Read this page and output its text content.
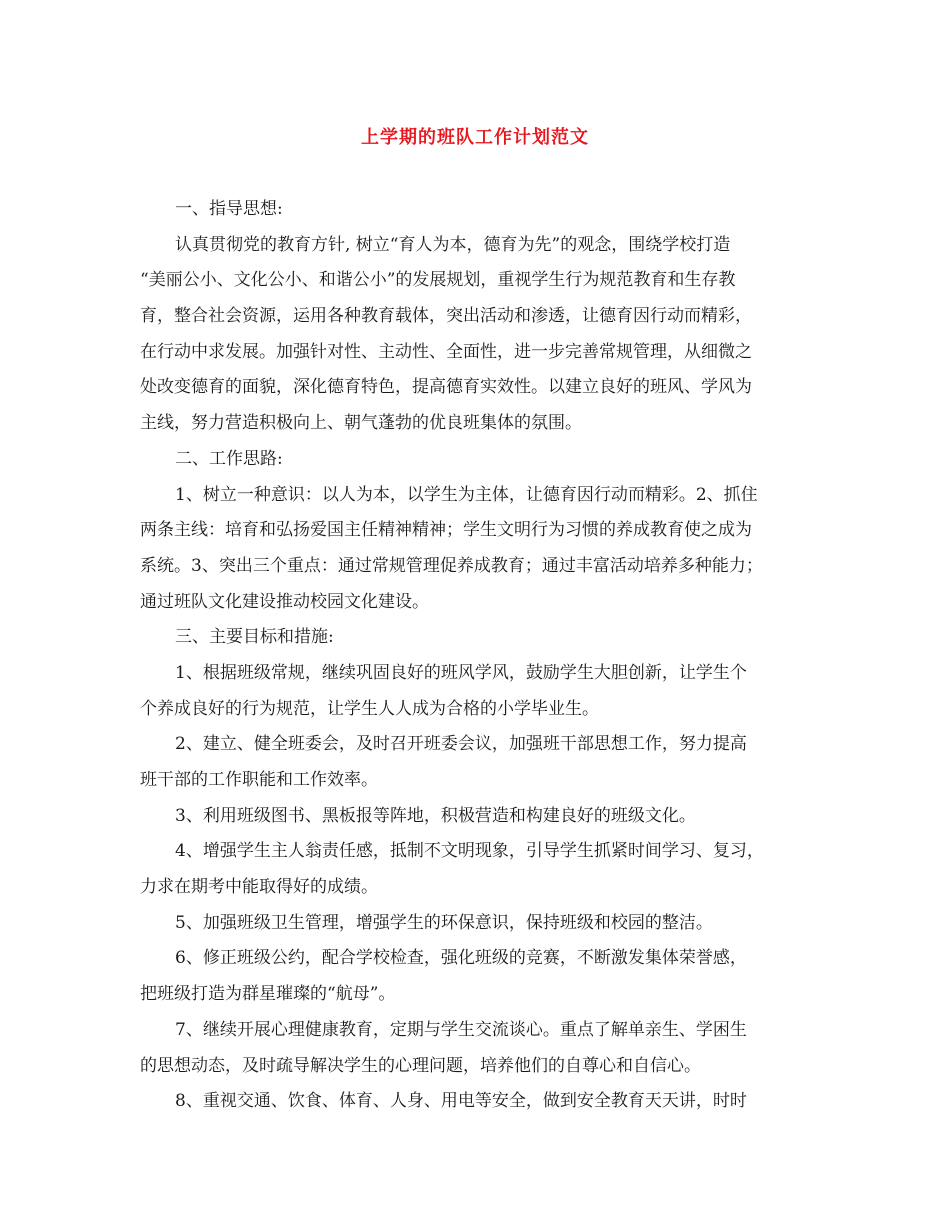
上学期的班队工作计划范文
一、指导思想:
认真贯彻党的教育方针, 树立“育人为本，德育为先”的观念，围绕学校打造
“美丽公小、文化公小、和谐公小”的发展规划，重视学生行为规范教育和生存教
育，整合社会资源，运用各种教育载体，突出活动和渗透，让德育因行动而精彩，
在行动中求发展。加强针对性、主动性、全面性，进一步完善常规管理，从细微之
处改变德育的面貌，深化德育特色，提高德育实效性。以建立良好的班风、学风为
主线，努力营造积极向上、朝气蓬勃的优良班集体的氛围。
二、工作思路:
1、树立一种意识：以人为本，以学生为主体，让德育因行动而精彩。2、抓住
两条主线：培育和弘扬爱国主任精神精神；学生文明行为习惯的养成教育使之成为
系统。3、突出三个重点：通过常规管理促养成教育；通过丰富活动培养多种能力；
通过班队文化建设推动校园文化建设。
三、主要目标和措施:
1、根据班级常规，继续巩固良好的班风学风，鼓励学生大胆创新，让学生个
个养成良好的行为规范，让学生人人成为合格的小学毕业生。
2、建立、健全班委会，及时召开班委会议，加强班干部思想工作，努力提高
班干部的工作职能和工作效率。
3、利用班级图书、黑板报等阵地，积极营造和构建良好的班级文化。
4、增强学生主人翁责任感，抵制不文明现象，引导学生抓紧时间学习、复习，
力求在期考中能取得好的成绩。
5、加强班级卫生管理，增强学生的环保意识，保持班级和校园的整洁。
6、修正班级公约，配合学校检查，强化班级的竞赛，不断激发集体荣誉感，
把班级打造为群星璀璨的“航母”。
7、继续开展心理健康教育，定期与学生交流谈心。重点了解单亲生、学困生
的思想动态，及时疏导解决学生的心理问题，培养他们的自尊心和自信心。
8、重视交通、饮食、体育、人身、用电等安全，做到安全教育天天讲，时时
